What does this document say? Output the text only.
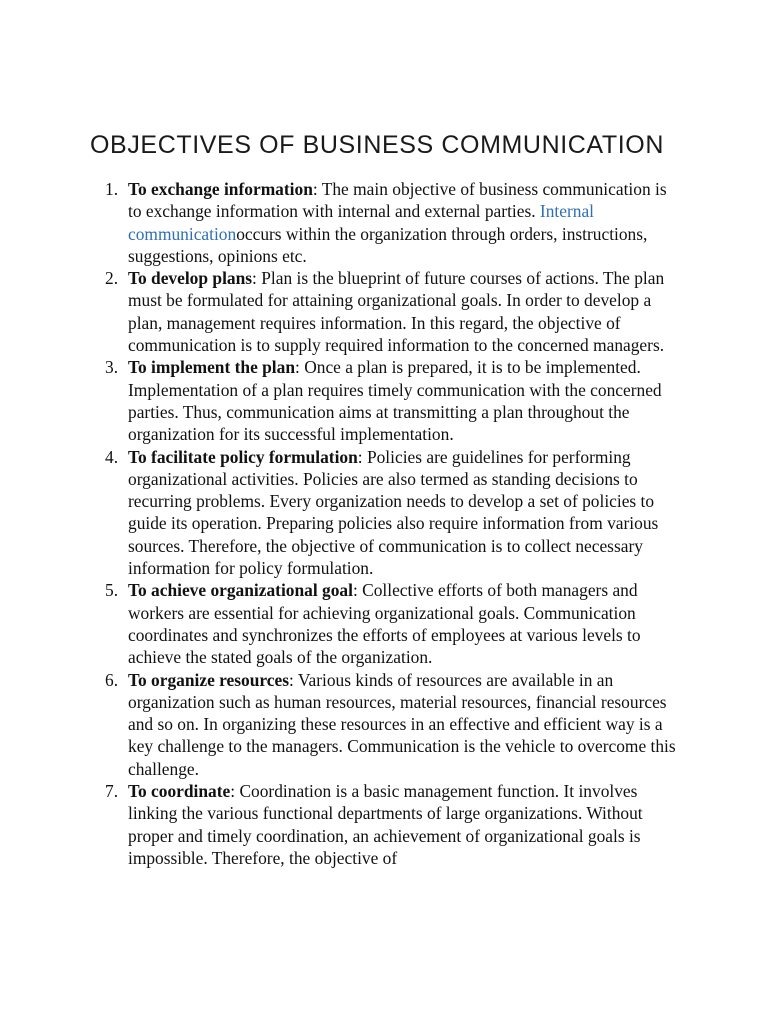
OBJECTIVES OF BUSINESS COMMUNICATION
1. To exchange information: The main objective of business communication is to exchange information with internal and external parties. Internal communicationoccurs within the organization through orders, instructions, suggestions, opinions etc.
2. To develop plans: Plan is the blueprint of future courses of actions. The plan must be formulated for attaining organizational goals. In order to develop a plan, management requires information. In this regard, the objective of communication is to supply required information to the concerned managers.
3. To implement the plan: Once a plan is prepared, it is to be implemented. Implementation of a plan requires timely communication with the concerned parties. Thus, communication aims at transmitting a plan throughout the organization for its successful implementation.
4. To facilitate policy formulation: Policies are guidelines for performing organizational activities. Policies are also termed as standing decisions to recurring problems. Every organization needs to develop a set of policies to guide its operation. Preparing policies also require information from various sources. Therefore, the objective of communication is to collect necessary information for policy formulation.
5. To achieve organizational goal: Collective efforts of both managers and workers are essential for achieving organizational goals. Communication coordinates and synchronizes the efforts of employees at various levels to achieve the stated goals of the organization.
6. To organize resources: Various kinds of resources are available in an organization such as human resources, material resources, financial resources and so on. In organizing these resources in an effective and efficient way is a key challenge to the managers. Communication is the vehicle to overcome this challenge.
7. To coordinate: Coordination is a basic management function. It involves linking the various functional departments of large organizations. Without proper and timely coordination, an achievement of organizational goals is impossible. Therefore, the objective of
